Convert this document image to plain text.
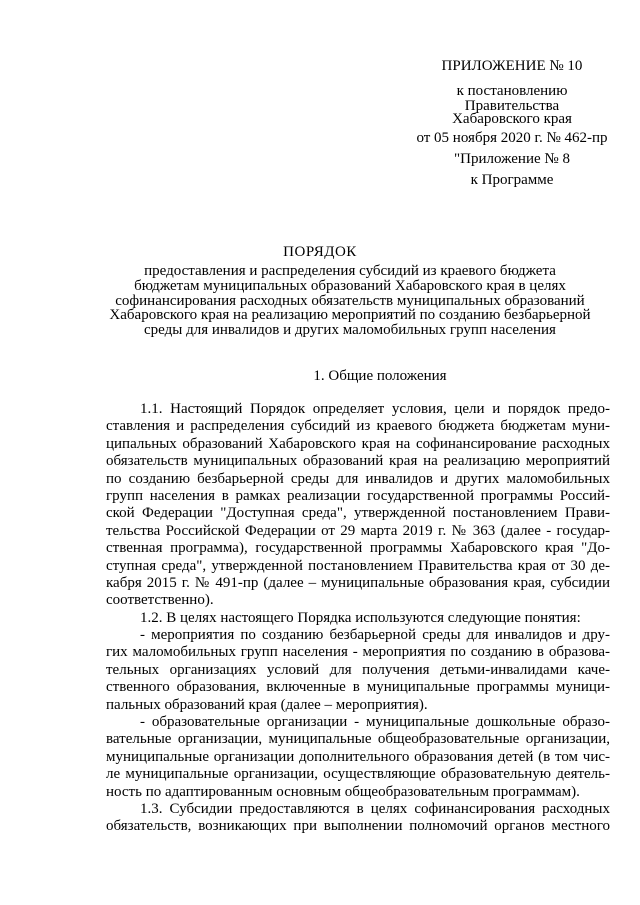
ПРИЛОЖЕНИЕ № 10
к постановлению
Правительства
Хабаровского края
от 05 ноября 2020 г. № 462-пр
"Приложение № 8
к Программе
ПОРЯДОК
предоставления и распределения субсидий из краевого бюджета
бюджетам муниципальных образований Хабаровского края в целях
софинансирования расходных обязательств муниципальных образований
Хабаровского края на реализацию мероприятий по созданию безбарьерной
среды для инвалидов и других маломобильных групп населения
1. Общие положения
1.1. Настоящий Порядок определяет условия, цели и порядок предо-
ставления и распределения субсидий из краевого бюджета бюджетам муни-
ципальных образований Хабаровского края на софинансирование расходных
обязательств муниципальных образований края на реализацию мероприятий
по созданию безбарьерной среды для инвалидов и других маломобильных
групп населения в рамках реализации государственной программы Россий-
ской Федерации "Доступная среда", утвержденной постановлением Прави-
тельства Российской Федерации от 29 марта 2019 г. № 363 (далее - государ-
ственная программа), государственной программы Хабаровского края "До-
ступная среда", утвержденной постановлением Правительства края от 30 де-
кабря 2015 г. № 491-пр (далее – муниципальные образования края, субсидии
соответственно).
1.2. В целях настоящего Порядка используются следующие понятия:
- мероприятия по созданию безбарьерной среды для инвалидов и дру-
гих маломобильных групп населения - мероприятия по созданию в образова-
тельных организациях условий для получения детьми-инвалидами каче-
ственного образования, включенные в муниципальные программы муници-
пальных образований края (далее – мероприятия).
- образовательные организации - муниципальные дошкольные образо-
вательные организации, муниципальные общеобразовательные организации,
муниципальные организации дополнительного образования детей (в том чис-
ле муниципальные организации, осуществляющие образовательную деятель-
ность по адаптированным основным общеобразовательным программам).
1.3. Субсидии предоставляются в целях софинансирования расходных
обязательств, возникающих при выполнении полномочий органов местного
